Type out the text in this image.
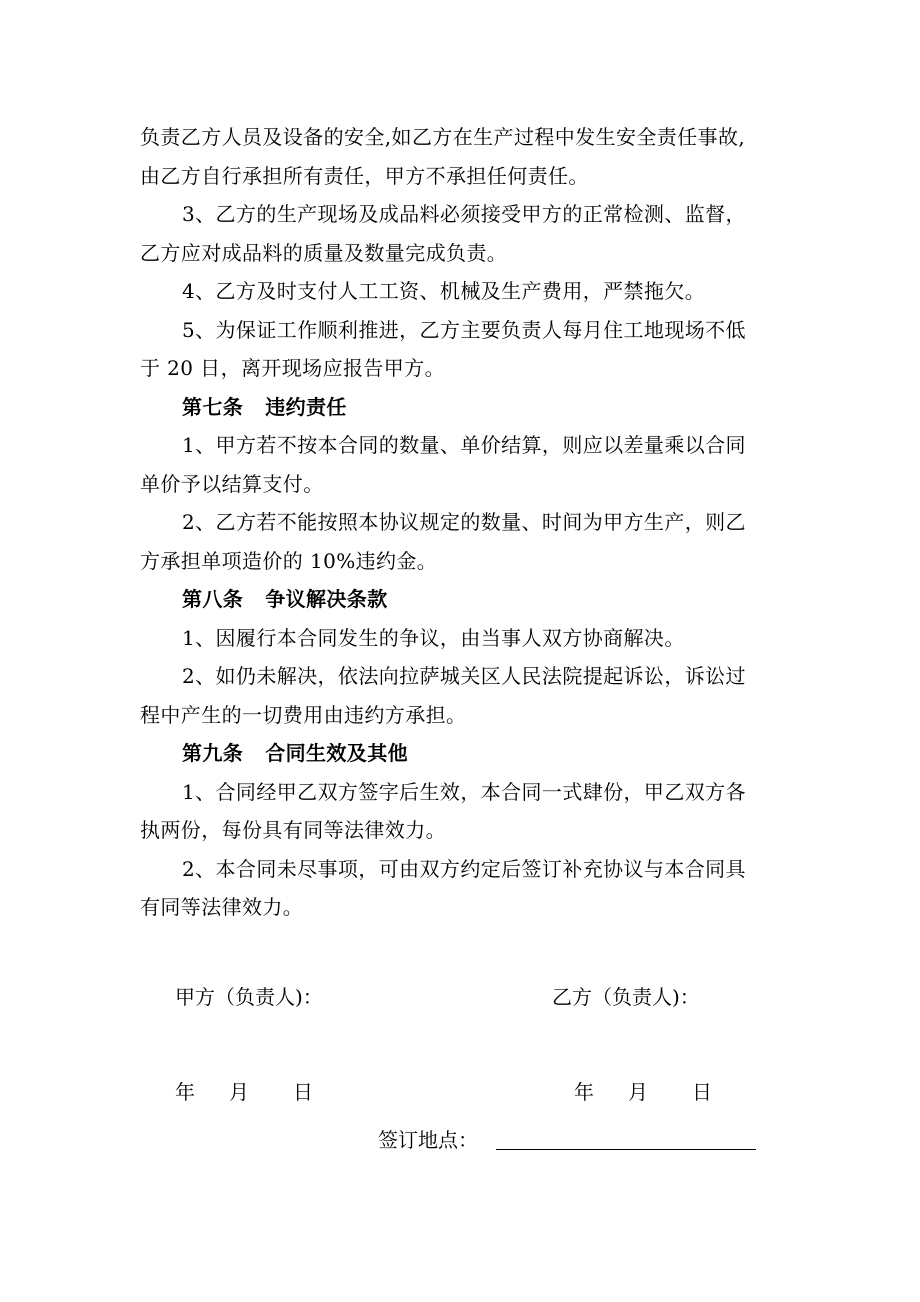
负责乙方人员及设备的安全,如乙方在生产过程中发生安全责任事故,
由乙方自行承担所有责任，甲方不承担任何责任。
3、乙方的生产现场及成品料必须接受甲方的正常检测、监督，
乙方应对成品料的质量及数量完成负责。
4、乙方及时支付人工工资、机械及生产费用，严禁拖欠。
5、为保证工作顺利推进，乙方主要负责人每月住工地现场不低
于 20 日，离开现场应报告甲方。
第七条 违约责任
1、甲方若不按本合同的数量、单价结算，则应以差量乘以合同
单价予以结算支付。
2、乙方若不能按照本协议规定的数量、时间为甲方生产，则乙
方承担单项造价的 10%违约金。
第八条 争议解决条款
1、因履行本合同发生的争议，由当事人双方协商解决。
2、如仍未解决，依法向拉萨城关区人民法院提起诉讼，诉讼过
程中产生的一切费用由违约方承担。
第九条 合同生效及其他
1、合同经甲乙双方签字后生效，本合同一式肆份，甲乙双方各
执两份，每份具有同等法律效力。
2、本合同未尽事项，可由双方约定后签订补充协议与本合同具
有同等法律效力。
甲方（负责人)：	乙方（负责人)：
年 月 日	年 月 日
签订地点：
